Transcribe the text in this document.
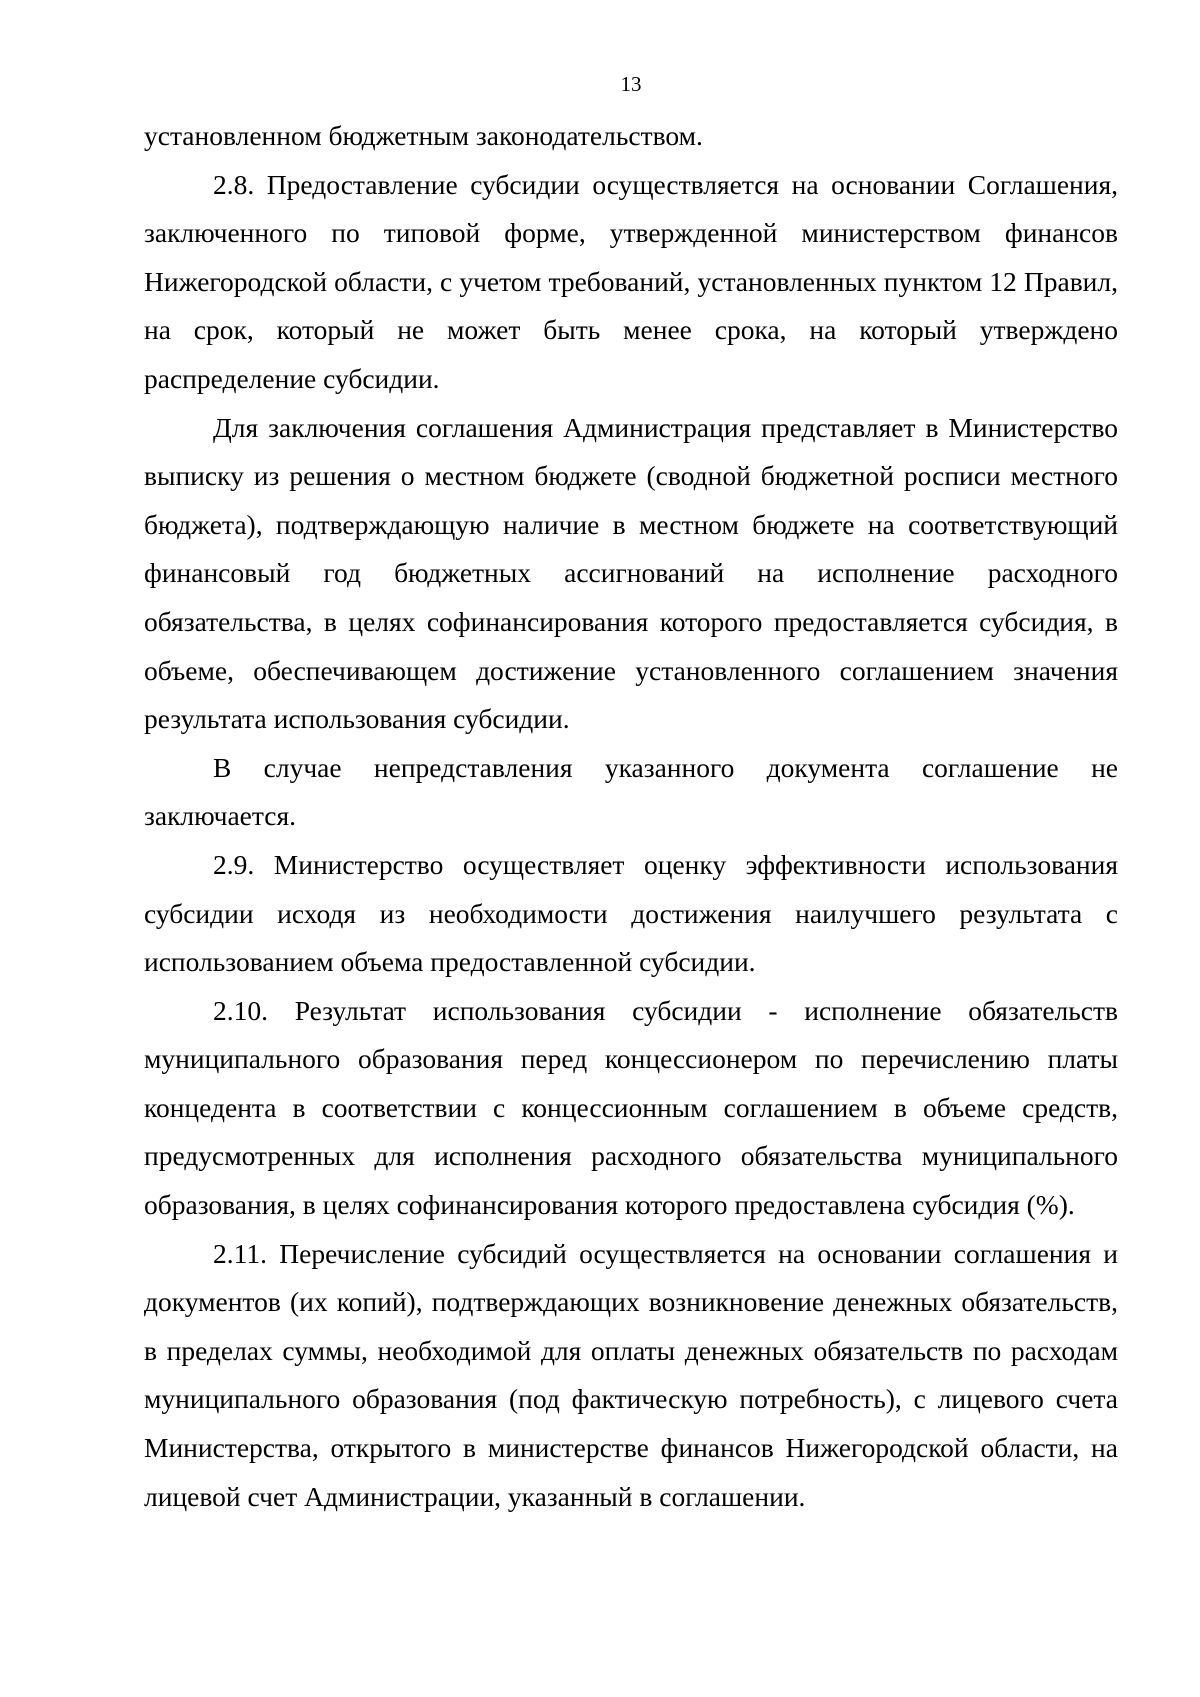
13

установленном бюджетным законодательством.

2.8. Предоставление субсидии осуществляется на основании Соглашения, заключенного по типовой форме, утвержденной министерством финансов Нижегородской области, с учетом требований, установленных пунктом 12 Правил, на срок, который не может быть менее срока, на который утверждено распределение субсидии.

Для заключения соглашения Администрация представляет в Министерство выписку из решения о местном бюджете (сводной бюджетной росписи местного бюджета), подтверждающую наличие в местном бюджете на соответствующий финансовый год бюджетных ассигнований на исполнение расходного обязательства, в целях софинансирования которого предоставляется субсидия, в объеме, обеспечивающем достижение установленного соглашением значения результата использования субсидии.

В случае непредставления указанного документа соглашение не заключается.

2.9. Министерство осуществляет оценку эффективности использования субсидии исходя из необходимости достижения наилучшего результата с использованием объема предоставленной субсидии.

2.10. Результат использования субсидии - исполнение обязательств муниципального образования перед концессионером по перечислению платы концедента в соответствии с концессионным соглашением в объеме средств, предусмотренных для исполнения расходного обязательства муниципального образования, в целях софинансирования которого предоставлена субсидия (%).

2.11. Перечисление субсидий осуществляется на основании соглашения и документов (их копий), подтверждающих возникновение денежных обязательств, в пределах суммы, необходимой для оплаты денежных обязательств по расходам муниципального образования (под фактическую потребность), с лицевого счета Министерства, открытого в министерстве финансов Нижегородской области, на лицевой счет Администрации, указанный в соглашении.
